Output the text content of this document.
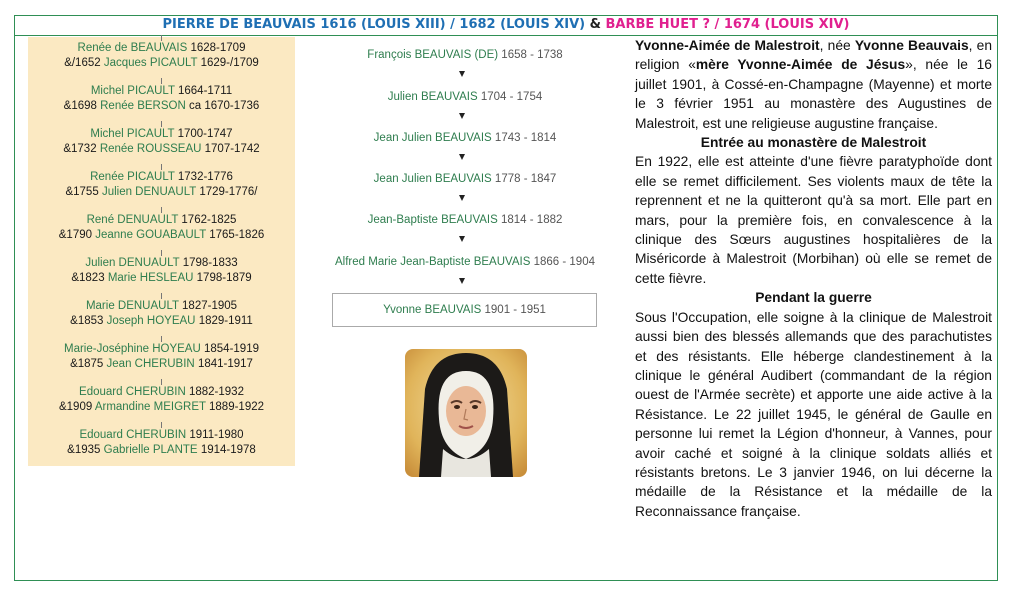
PIERRE DE BEAUVAIS 1616 (LOUIS XIII) / 1682 (LOUIS XIV) & BARBE HUET ? / 1674 (LOUIS XIV)
Renée de BEAUVAIS 1628-1709
&/1652 Jacques PICAULT 1629-/1709
Michel PICAULT 1664-1711
&1698 Renée BERSON ca 1670-1736
Michel PICAULT 1700-1747
&1732 Renée ROUSSEAU 1707-1742
Renée PICAULT 1732-1776
&1755 Julien DENUAULT 1729-1776/
René DENUAULT 1762-1825
&1790 Jeanne GOUABAULT 1765-1826
Julien DENUAULT 1798-1833
&1823 Marie HESLEAU 1798-1879
Marie DENUAULT 1827-1905
&1853 Joseph HOYEAU 1829-1911
Marie-Joséphine HOYEAU 1854-1919
&1875 Jean CHERUBIN 1841-1917
Edouard CHERUBIN 1882-1932
&1909 Armandine MEIGRET 1889-1922
Edouard CHERUBIN 1911-1980
&1935 Gabrielle PLANTE 1914-1978
François BEAUVAIS (DE) 1658 - 1738
Julien BEAUVAIS 1704 - 1754
Jean Julien BEAUVAIS 1743 - 1814
Jean Julien BEAUVAIS 1778 - 1847
Jean-Baptiste BEAUVAIS 1814 - 1882
Alfred Marie Jean-Baptiste BEAUVAIS 1866 - 1904
Yvonne BEAUVAIS 1901 - 1951

Yvonne-Aimée de Malestroit, née Yvonne Beauvais, en religion «mère Yvonne-Aimée de Jésus», née le 16 juillet 1901, à Cossé-en-Champagne (Mayenne) et morte le 3 février 1951 au monastère des Augustines de Malestroit, est une religieuse augustine française.

Entrée au monastère de Malestroit

En 1922, elle est atteinte d'une fièvre paratyphoïde dont elle se remet difficilement. Ses violents maux de tête la reprennent et ne la quitteront qu'à sa mort. Elle part en mars, pour la première fois, en convalescence à la clinique des Sœurs augustines hospitalières de la Miséricorde à Malestroit (Morbihan) où elle se remet de cette fièvre.

Pendant la guerre

Sous l'Occupation, elle soigne à la clinique de Malestroit aussi bien des blessés allemands que des parachutistes et des résistants. Elle héberge clandestinement à la clinique le général Audibert (commandant de la région ouest de l'Armée secrète) et apporte une aide active à la Résistance. Le 22 juillet 1945, le général de Gaulle en personne lui remet la Légion d'honneur, à Vannes, pour avoir caché et soigné à la clinique soldats alliés et résistants bretons. Le 3 janvier 1946, on lui décerne la médaille de la Résistance et la médaille de la Reconnaissance française.
